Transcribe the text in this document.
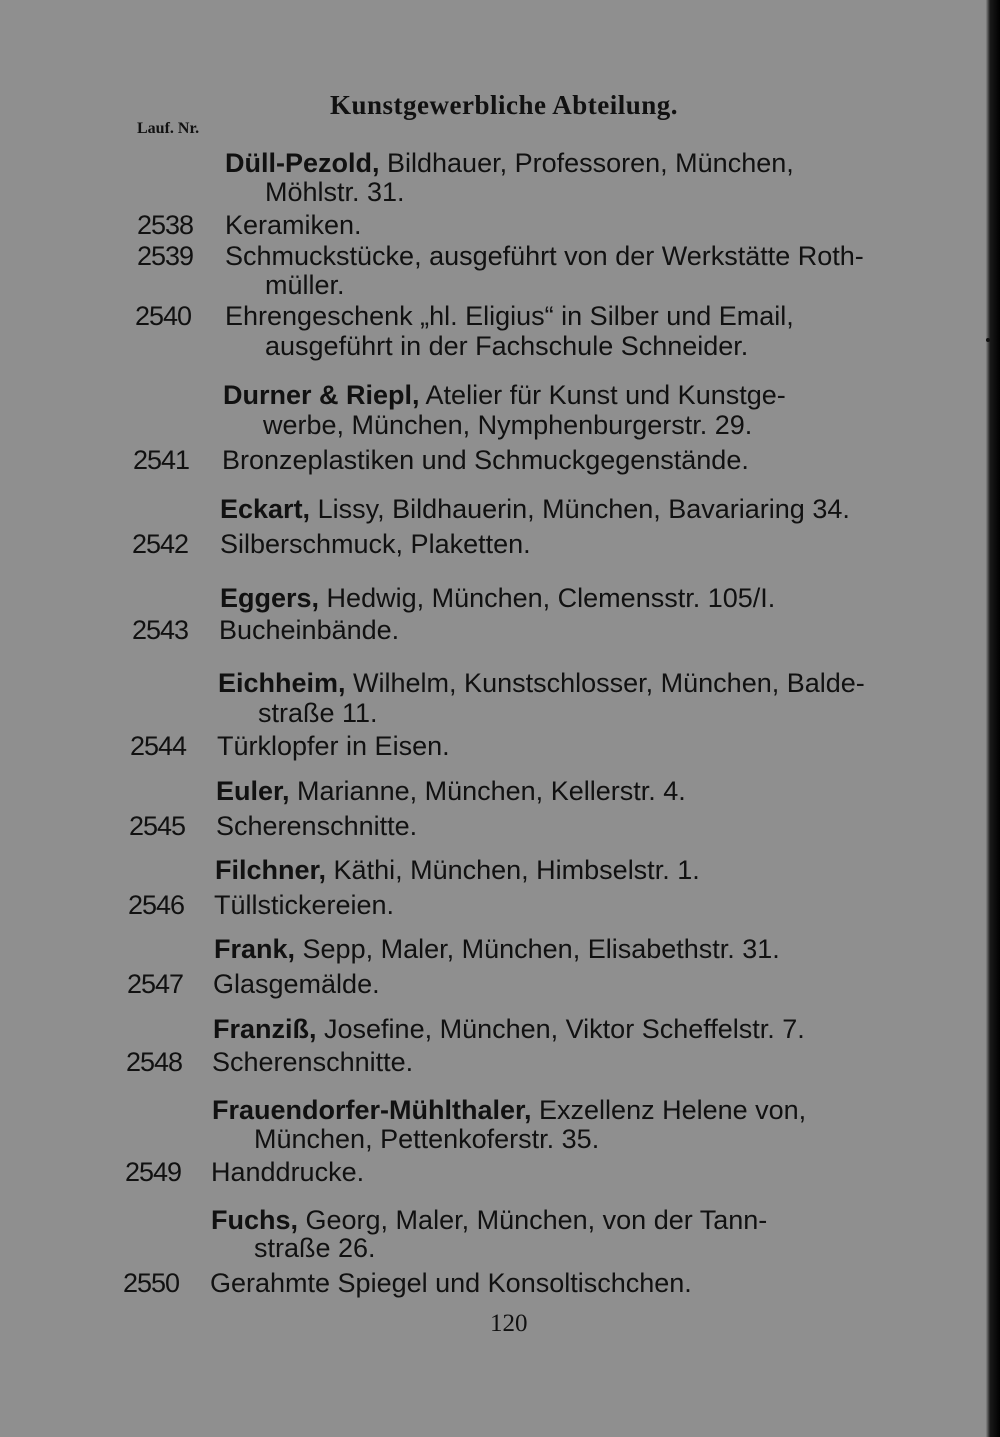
Lauf. Nr.
Kunstgewerbliche Abteilung.
Düll-Pezold, Bildhauer, Professoren, München,
Möhlstr. 31.
2538 Keramiken.
2539 Schmuckstücke, ausgeführt von der Werkstätte Roth-
müller.
2540 Ehrengeschenk „hl. Eligius“ in Silber und Email,
ausgeführt in der Fachschule Schneider.
Durner & Riepl, Atelier für Kunst und Kunstge-
werbe, München, Nymphenburgerstr. 29.
2541 Bronzeplastiken und Schmuckgegenstände.
Eckart, Lissy, Bildhauerin, München, Bavariaring 34.
2542 Silberschmuck, Plaketten.
Eggers, Hedwig, München, Clemensstr. 105/I.
2543 Bucheinbände.
Eichheim, Wilhelm, Kunstschlosser, München, Balde-
straße 11.
2544 Türklopfer in Eisen.
Euler, Marianne, München, Kellerstr. 4.
2545 Scherenschnitte.
Filchner, Käthi, München, Himbselstr. 1.
2546 Tüllstickereien.
Frank, Sepp, Maler, München, Elisabethstr. 31.
2547 Glasgemälde.
Franziß, Josefine, München, Viktor Scheffelstr. 7.
2548 Scherenschnitte.
Frauendorfer-Mühlthaler, Exzellenz Helene von,
München, Pettenkoferstr. 35.
2549 Handdrucke.
Fuchs, Georg, Maler, München, von der Tann-
straße 26.
2550 Gerahmte Spiegel und Konsoltischchen.
120
